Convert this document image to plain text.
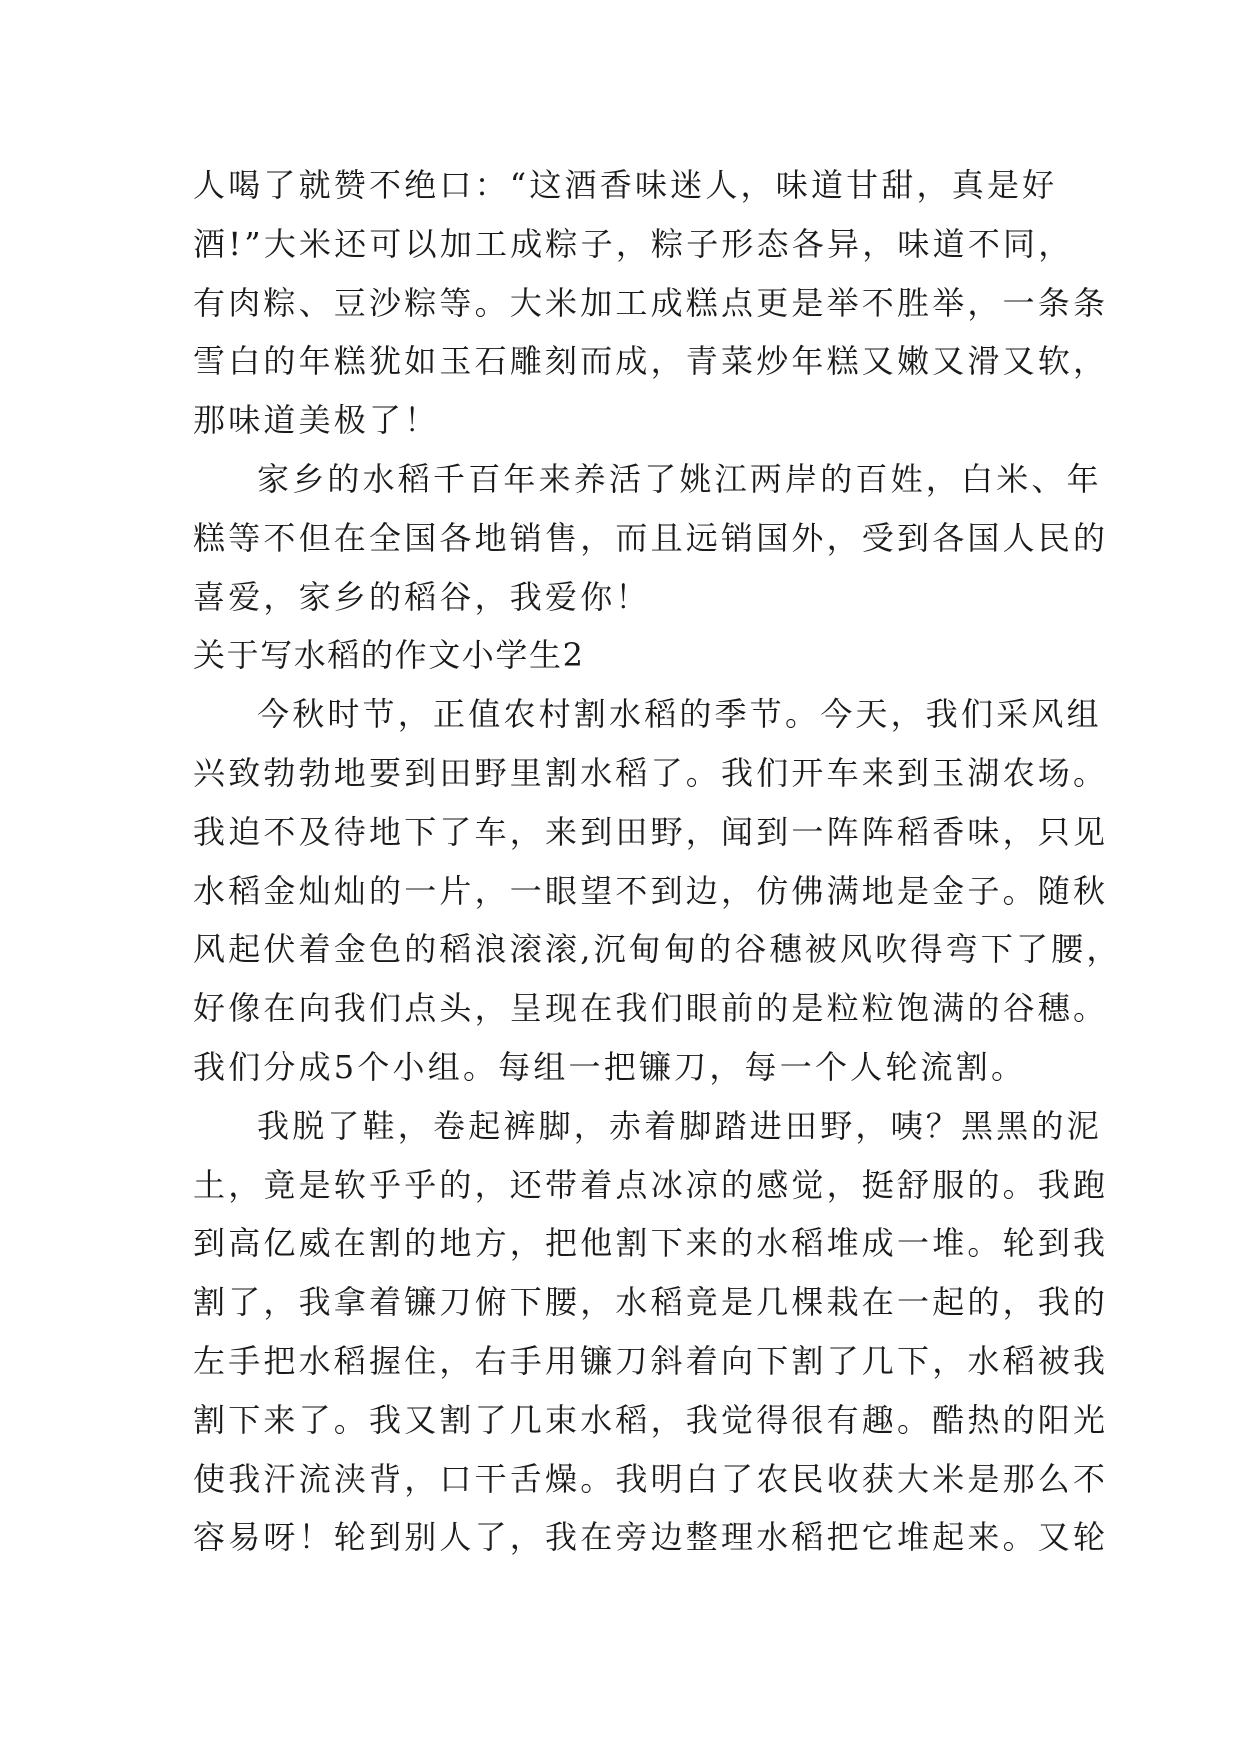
人喝了就赞不绝口：“这酒香味迷人，味道甘甜，真是好
酒!”大米还可以加工成粽子，粽子形态各异，味道不同，
有肉粽、豆沙粽等。大米加工成糕点更是举不胜举，一条条
雪白的年糕犹如玉石雕刻而成，青菜炒年糕又嫩又滑又软，
那味道美极了！
家乡的水稻千百年来养活了姚江两岸的百姓，白米、年
糕等不但在全国各地销售，而且远销国外，受到各国人民的
喜爱，家乡的稻谷，我爱你！
关于写水稻的作文小学生2
今秋时节，正值农村割水稻的季节。今天，我们采风组
兴致勃勃地要到田野里割水稻了。我们开车来到玉湖农场。
我迫不及待地下了车，来到田野，闻到一阵阵稻香味，只见
水稻金灿灿的一片，一眼望不到边，仿佛满地是金子。随秋
风起伏着金色的稻浪滚滚,沉甸甸的谷穗被风吹得弯下了腰，
好像在向我们点头，呈现在我们眼前的是粒粒饱满的谷穗。
我们分成5个小组。每组一把镰刀，每一个人轮流割。
我脱了鞋，卷起裤脚，赤着脚踏进田野，咦？黑黑的泥
土，竟是软乎乎的，还带着点冰凉的感觉，挺舒服的。我跑
到高亿威在割的地方，把他割下来的水稻堆成一堆。轮到我
割了，我拿着镰刀俯下腰，水稻竟是几棵栽在一起的，我的
左手把水稻握住，右手用镰刀斜着向下割了几下，水稻被我
割下来了。我又割了几束水稻，我觉得很有趣。酷热的阳光
使我汗流浃背，口干舌燥。我明白了农民收获大米是那么不
容易呀！轮到别人了，我在旁边整理水稻把它堆起来。又轮
